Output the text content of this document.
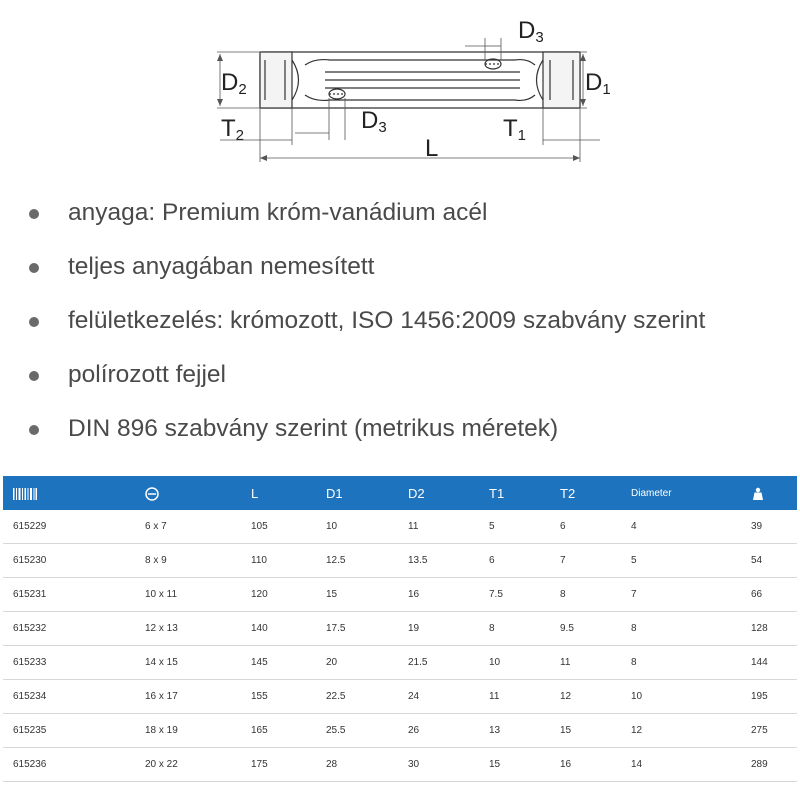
D2	D1
D3
D3
T2	T1
L
anyaga: Premium króm-vanádium acél
teljes anyagában nemesített
felületkezelés: krómozott, ISO 1456:2009 szabvány szerint
polírozott fejjel
DIN 896 szabvány szerint (metrikus méretek)
		L	D1	D2	T1	T2	Diameter	
615229	6 x 7	105	10	11	5	6	4	39
615230	8 x 9	110	12.5	13.5	6	7	5	54
615231	10 x 11	120	15	16	7.5	8	7	66
615232	12 x 13	140	17.5	19	8	9.5	8	128
615233	14 x 15	145	20	21.5	10	11	8	144
615234	16 x 17	155	22.5	24	11	12	10	195
615235	18 x 19	165	25.5	26	13	15	12	275
615236	20 x 22	175	28	30	15	16	14	289
